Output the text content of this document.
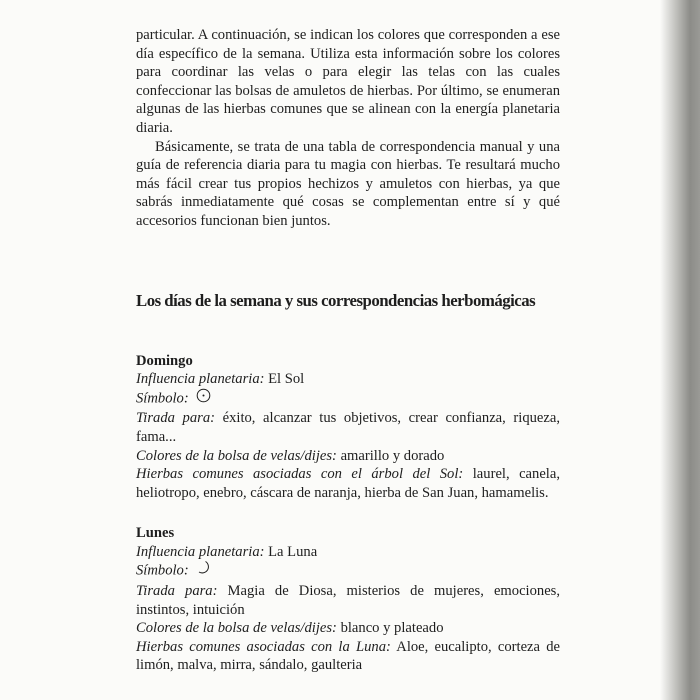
particular. A continuación, se indican los colores que corresponden a ese día específico de la semana. Utiliza esta información sobre los colores para coordinar las velas o para elegir las telas con las cuales confeccionar las bolsas de amuletos de hierbas. Por último, se enumeran algunas de las hierbas comunes que se alinean con la energía planetaria diaria.

Básicamente, se trata de una tabla de correspondencia manual y una guía de referencia diaria para tu magia con hierbas. Te resultará mucho más fácil crear tus propios hechizos y amuletos con hierbas, ya que sabrás inmediatamente qué cosas se complementan entre sí y qué accesorios funcionan bien juntos.

Los días de la semana y sus correspondencias herbomágicas

Domingo

Influencia planetaria: El Sol

Símbolo:

Tirada para: éxito, alcanzar tus objetivos, crear confianza, riqueza, fama...

Colores de la bolsa de velas/dijes: amarillo y dorado

Hierbas comunes asociadas con el árbol del Sol: laurel, canela, heliotropo, enebro, cáscara de naranja, hierba de San Juan, hamamelis.

Lunes

Influencia planetaria: La Luna

Símbolo:

Tirada para: Magia de Diosa, misterios de mujeres, emociones, instintos, intuición

Colores de la bolsa de velas/dijes: blanco y plateado

Hierbas comunes asociadas con la Luna: Aloe, eucalipto, corteza de limón, malva, mirra, sándalo, gaulteria
